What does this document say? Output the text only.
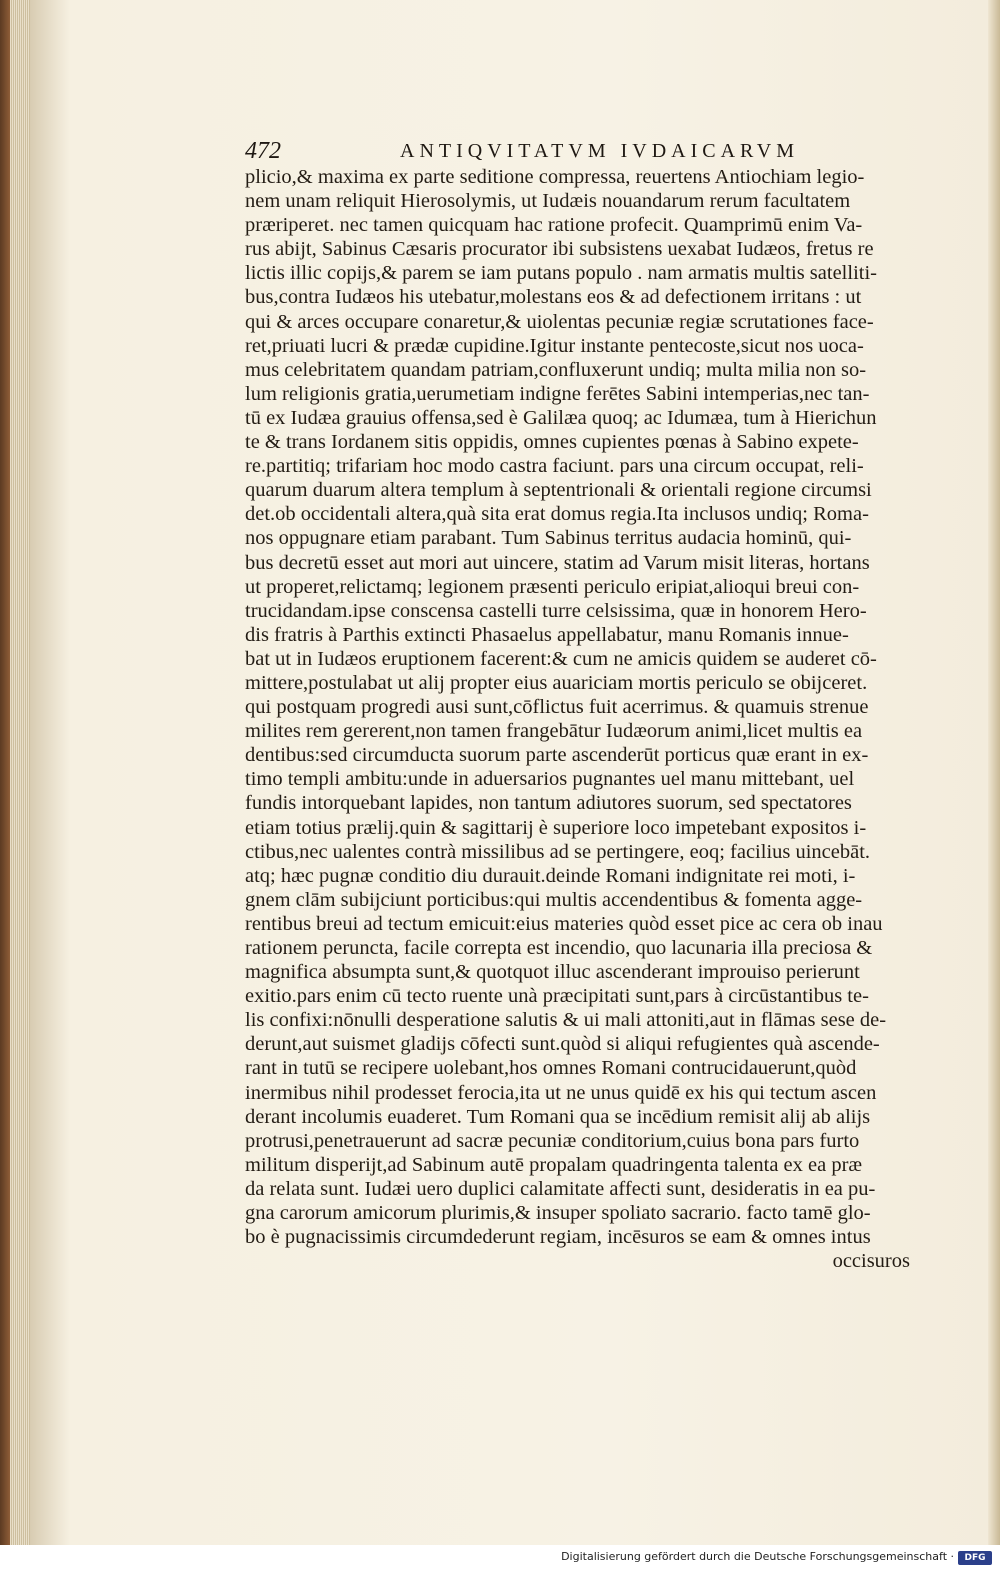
472	ANTIQVITATVM IVDAICARVM
plicio,& maxima ex parte seditione compressa, reuertens Antiochiam legio-
nem unam reliquit Hierosolymis, ut Iudæis nouandarum rerum facultatem
præriperet. nec tamen quicquam hac ratione profecit. Quamprimū enim Va-
rus abijt, Sabinus Cæsaris procurator ibi subsistens uexabat Iudæos, fretus re
lictis illic copijs,& parem se iam putans populo . nam armatis multis satelliti-
bus,contra Iudæos his utebatur,molestans eos & ad defectionem irritans : ut
qui & arces occupare conaretur,& uiolentas pecuniæ regiæ scrutationes face-
ret,priuati lucri & prædæ cupidine.Igitur instante pentecoste,sicut nos uoca-
mus celebritatem quandam patriam,confluxerunt undiq; multa milia non so-
lum religionis gratia,uerumetiam indigne ferētes Sabini intemperias,nec tan-
tū ex Iudæa grauius offensa,sed è Galilæa quoq; ac Idumæa, tum à Hierichun
te & trans Iordanem sitis oppidis, omnes cupientes pœnas à Sabino expete-
re.partitiq; trifariam hoc modo castra faciunt. pars una circum occupat, reli-
quarum duarum altera templum à septentrionali & orientali regione circumsi
det.ob occidentali altera,quà sita erat domus regia.Ita inclusos undiq; Roma-
nos oppugnare etiam parabant. Tum Sabinus territus audacia hominū, qui-
bus decretū esset aut mori aut uincere, statim ad Varum misit literas, hortans
ut properet,relictamq; legionem præsenti periculo eripiat,alioqui breui con-
trucidandam.ipse conscensa castelli turre celsissima, quæ in honorem Hero-
dis fratris à Parthis extincti Phasaelus appellabatur, manu Romanis innue-
bat ut in Iudæos eruptionem facerent:& cum ne amicis quidem se auderet cō-
mittere,postulabat ut alij propter eius auariciam mortis periculo se obijceret.
qui postquam progredi ausi sunt,cōflictus fuit acerrimus. & quamuis strenue
milites rem gererent,non tamen frangebātur Iudæorum animi,licet multis ea
dentibus:sed circumducta suorum parte ascenderūt porticus quæ erant in ex-
timo templi ambitu:unde in aduersarios pugnantes uel manu mittebant, uel
fundis intorquebant lapides, non tantum adiutores suorum, sed spectatores
etiam totius prælij.quin & sagittarij è superiore loco impetebant expositos i-
ctibus,nec ualentes contrà missilibus ad se pertingere, eoq; facilius uincebāt.
atq; hæc pugnæ conditio diu durauit.deinde Romani indignitate rei moti, i-
gnem clām subijciunt porticibus:qui multis accendentibus & fomenta agge-
rentibus breui ad tectum emicuit:eius materies quòd esset pice ac cera ob inau
rationem peruncta, facile correpta est incendio, quo lacunaria illa preciosa &
magnifica absumpta sunt,& quotquot illuc ascenderant improuiso perierunt
exitio.pars enim cū tecto ruente unà præcipitati sunt,pars à circūstantibus te-
lis confixi:nōnulli desperatione salutis & ui mali attoniti,aut in flāmas sese de-
derunt,aut suismet gladijs cōfecti sunt.quòd si aliqui refugientes quà ascende-
rant in tutū se recipere uolebant,hos omnes Romani contrucidauerunt,quòd
inermibus nihil prodesset ferocia,ita ut ne unus quidē ex his qui tectum ascen
derant incolumis euaderet. Tum Romani qua se incēdium remisit alij ab alijs
protrusi,penetrauerunt ad sacræ pecuniæ conditorium,cuius bona pars furto
militum disperijt,ad Sabinum autē propalam quadringenta talenta ex ea præ
da relata sunt. Iudæi uero duplici calamitate affecti sunt, desideratis in ea pu-
gna carorum amicorum plurimis,& insuper spoliato sacrario. facto tamē glo-
bo è pugnacissimis circumdederunt regiam, incēsuros se eam & omnes intus
occisuros
Digitalisierung gefördert durch die Deutsche Forschungsgemeinschaft ·	DFG
